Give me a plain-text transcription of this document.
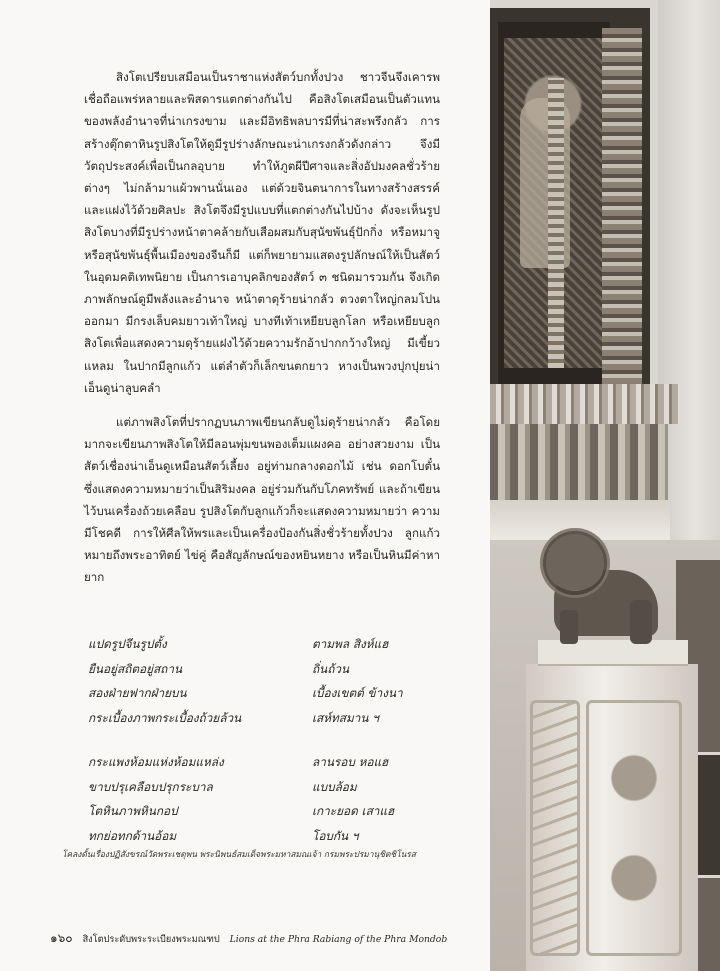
สิงโตเปรียบเสมือนเป็นราชาแห่งสัตว์บกทั้งปวง ชาวจีนจึงเคารพเชื่อถือแพร่หลายและพิสดารแตกต่างกันไป คือสิงโตเสมือนเป็นตัวแทนของพลังอำนาจที่น่าเกรงขาม และมีอิทธิพลบารมีที่น่าสะพรึงกลัว การสร้างตุ๊กตาหินรูปสิงโตให้ดูมีรูปร่างลักษณะน่าเกรงกลัวดังกล่าว จึงมีวัตถุประสงค์เพื่อเป็นกลอุบาย ทำให้ภูตผีปีศาจและสิ่งอัปมงคลชั่วร้ายต่างๆ ไม่กล้ามาแผ้วพานนั่นเอง แต่ด้วยจินตนาการในทางสร้างสรรค์ และแฝงไว้ด้วยศิลปะ สิงโตจึงมีรูปแบบที่แตกต่างกันไปบ้าง ดังจะเห็นรูปสิงโตบางที่มีรูปร่างหน้าตาคล้ายกับเสือผสมกับสุนัขพันธุ์ปักกิ่ง หรือหมาจู หรือสุนัขพันธุ์พื้นเมืองของจีนก็มี แต่ก็พยายามแสดงรูปลักษณ์ให้เป็นสัตว์ในอุดมคติเทพนิยาย เป็นการเอาบุคลิกของสัตว์ ๓ ชนิดมารวมกัน จึงเกิดภาพลักษณ์ดูมีพลังและอำนาจ หน้าตาดุร้ายน่ากลัว ตวงตาใหญ่กลมโปนออกมา มีกรงเล็บคมยาวเท้าใหญ่ บางทีเท้าเหยียบลูกโลก หรือเหยียบลูกสิงโตเพื่อแสดงความดุร้ายแฝงไว้ด้วยความรักอ้าปากกว้างใหญ่ มีเขี้ยวแหลม ในปากมีลูกแก้ว แต่ลำตัวก็เล็กขนตกยาว หางเป็นพวงปุกปุยน่าเอ็นดูน่าลูบคลำ

แต่ภาพสิงโตที่ปรากฏบนภาพเขียนกลับดูไม่ดุร้ายน่ากลัว คือโดยมากจะเขียนภาพสิงโตให้มีลอนพุ่มขนพองเต็มแผงคอ อย่างสวยงาม เป็นสัตว์เชื่องน่าเอ็นดูเหมือนสัตว์เลี้ยง อยู่ท่ามกลางดอกไม้ เช่น ดอกโบตั๋น ซึ่งแสดงความหมายว่าเป็นสิริมงคล อยู่ร่วมกันกับโภคทรัพย์ และถ้าเขียนไว้บนเครื่องถ้วยเคลือบ รูปสิงโตกับลูกแก้วก็จะแสดงความหมายว่า ความมีโชคดี การให้ศีลให้พรและเป็นเครื่องป้องกันสิ่งชั่วร้ายทั้งปวง ลูกแก้วหมายถึงพระอาทิตย์ ไข่คู่ คือสัญลักษณ์ของหยินหยาง หรือเป็นหินมีค่าหายาก

แปดรูปจีนรูปตั้ง	ตามพล สิงห์แฮ
ยืนอยู่สถิตอยู่สถาน	ถิ่นถ้วน
สองฝ่ายฟากฝ่ายบน	เบื้องเขตต์ ข้างนา
กระเบื้องภาพกระเบื้องถ้วยล้วน	เสห์ทสมาน ฯ
กระแพงห้อมแห่งห้อมแหล่ง	ลานรอบ หอแฮ
ขาบปรุเคลือบปรุกระบาล	แบบล้อม
โตหินภาพหินกอป	เกาะยอด เสาแฮ
ทกย่อทกด้านอ้อม	โอบกัน ฯ
โคลงดั้นเรื่องปฏิสังขรณ์วัดพระเชตุพน พระนิพนธ์สมเด็จพระมหาสมณเจ้า กรมพระปรมานุชิตชิโนรส
๑๖๐ สิงโตประดับพระระเบียงพระมณฑป Lions at the Phra Rabiang of the Phra Mondob
